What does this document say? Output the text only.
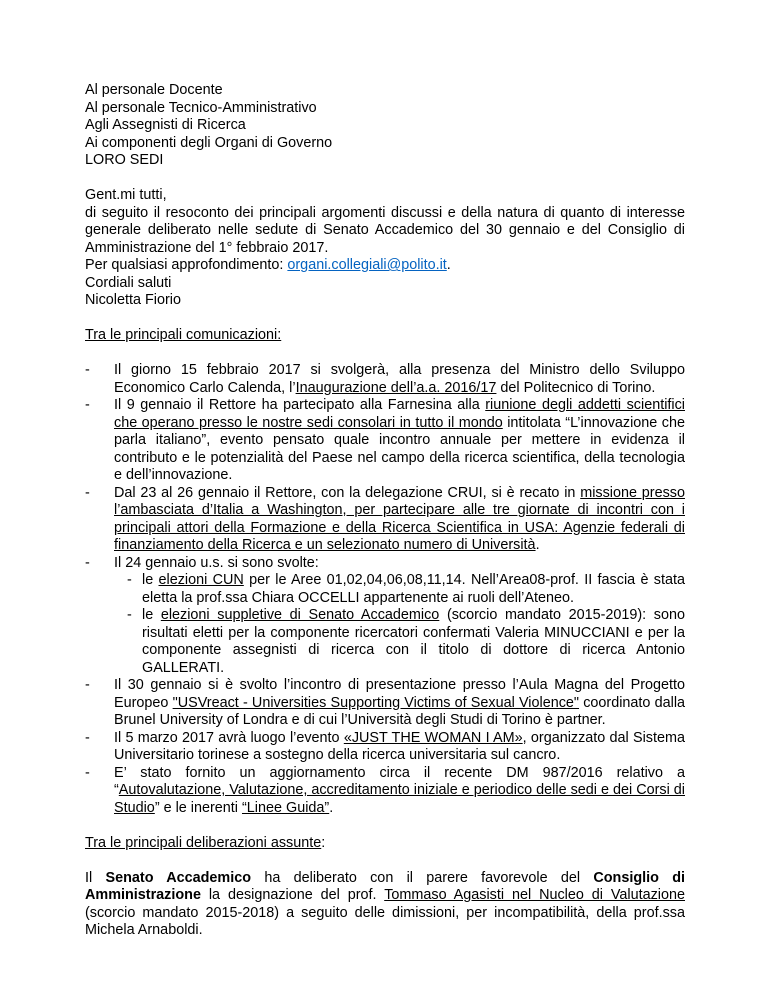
Al personale Docente
Al personale Tecnico-Amministrativo
Agli Assegnisti di Ricerca
Ai componenti degli Organi di Governo
LORO SEDI
Gent.mi tutti,
di seguito il resoconto dei principali argomenti discussi e della natura di quanto di interesse generale deliberato nelle sedute di Senato Accademico del 30 gennaio e del Consiglio di Amministrazione del 1° febbraio 2017.
Per qualsiasi approfondimento: organi.collegiali@polito.it.
Cordiali saluti
Nicoletta Fiorio
Tra le principali comunicazioni:
- Il giorno 15 febbraio 2017 si svolgerà, alla presenza del Ministro dello Sviluppo Economico Carlo Calenda, l’Inaugurazione dell’a.a. 2016/17 del Politecnico di Torino.
- Il 9 gennaio il Rettore ha partecipato alla Farnesina alla riunione degli addetti scientifici che operano presso le nostre sedi consolari in tutto il mondo intitolata “L’innovazione che parla italiano”, evento pensato quale incontro annuale per mettere in evidenza il contributo e le potenzialità del Paese nel campo della ricerca scientifica, della tecnologia e dell’innovazione.
- Dal 23 al 26 gennaio il Rettore, con la delegazione CRUI, si è recato in missione presso l’ambasciata d’Italia a Washington, per partecipare alle tre giornate di incontri con i principali attori della Formazione e della Ricerca Scientifica in USA: Agenzie federali di finanziamento della Ricerca e un selezionato numero di Università.
- Il 24 gennaio u.s. si sono svolte:
- le elezioni CUN per le Aree 01,02,04,06,08,11,14. Nell’Area08-prof. II fascia è stata eletta la prof.ssa Chiara OCCELLI appartenente ai ruoli dell’Ateneo.
- le elezioni suppletive di Senato Accademico (scorcio mandato 2015-2019): sono risultati eletti per la componente ricercatori confermati Valeria MINUCCIANI e per la componente assegnisti di ricerca con il titolo di dottore di ricerca Antonio GALLERATI.
- Il 30 gennaio si è svolto l’incontro di presentazione presso l’Aula Magna del Progetto Europeo "USVreact - Universities Supporting Victims of Sexual Violence" coordinato dalla Brunel University of Londra e di cui l’Università degli Studi di Torino è partner.
- Il 5 marzo 2017 avrà luogo l’evento «JUST THE WOMAN I AM», organizzato dal Sistema Universitario torinese a sostegno della ricerca universitaria sul cancro.
- E’ stato fornito un aggiornamento circa il recente DM 987/2016 relativo a “Autovalutazione, Valutazione, accreditamento iniziale e periodico delle sedi e dei Corsi di Studio” e le inerenti “Linee Guida”.
Tra le principali deliberazioni assunte:
Il Senato Accademico ha deliberato con il parere favorevole del Consiglio di Amministrazione la designazione del prof. Tommaso Agasisti nel Nucleo di Valutazione (scorcio mandato 2015-2018) a seguito delle dimissioni, per incompatibilità, della prof.ssa Michela Arnaboldi.
